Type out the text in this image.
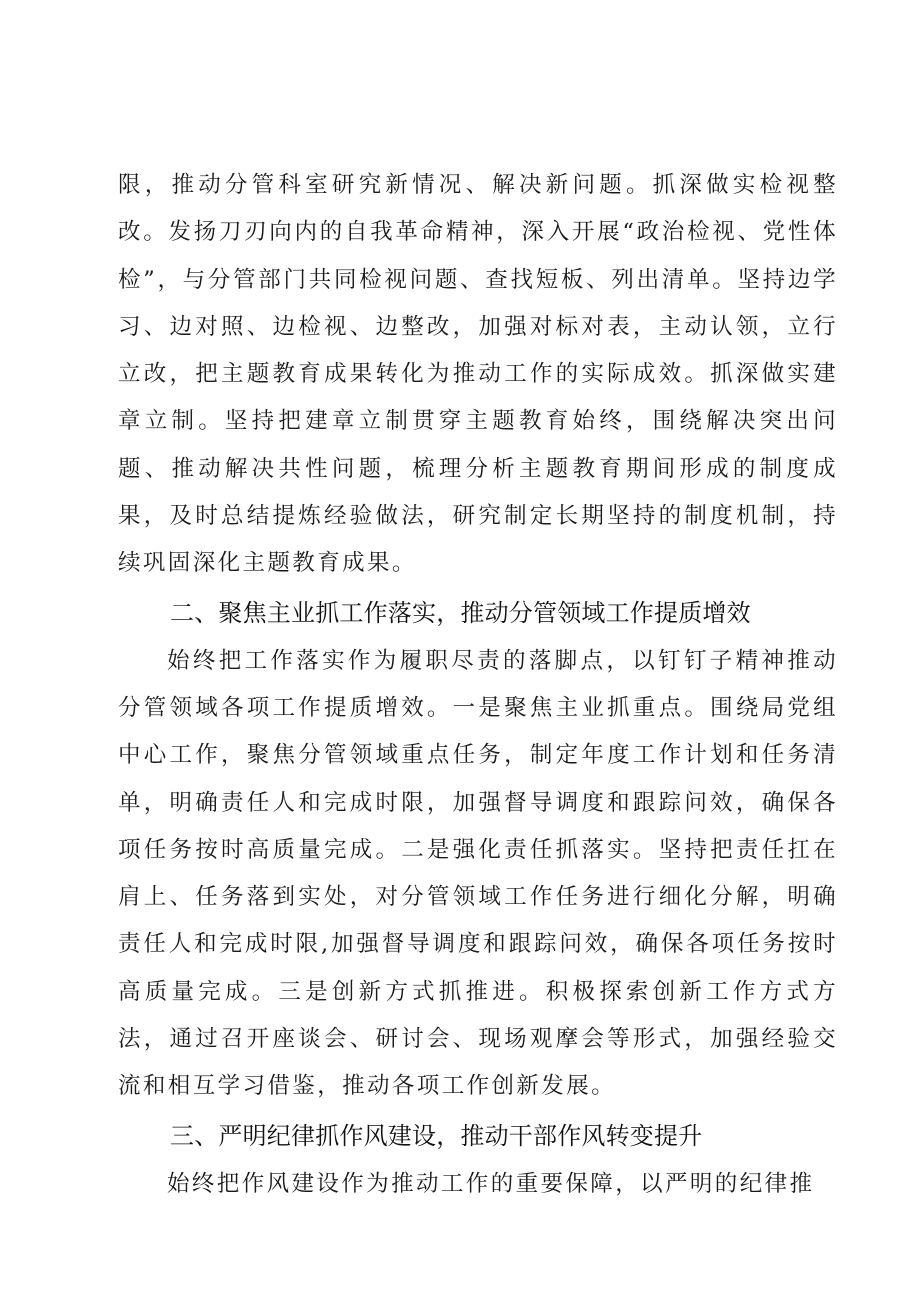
限，推动分管科室研究新情况、解决新问题。抓深做实检视整改。发扬刀刃向内的自我革命精神，深入开展“政治检视、党性体检”，与分管部门共同检视问题、查找短板、列出清单。坚持边学习、边对照、边检视、边整改，加强对标对表，主动认领，立行立改，把主题教育成果转化为推动工作的实际成效。抓深做实建章立制。坚持把建章立制贯穿主题教育始终，围绕解决突出问题、推动解决共性问题，梳理分析主题教育期间形成的制度成果，及时总结提炼经验做法，研究制定长期坚持的制度机制，持续巩固深化主题教育成果。

二、聚焦主业抓工作落实，推动分管领域工作提质增效

始终把工作落实作为履职尽责的落脚点，以钉钉子精神推动分管领域各项工作提质增效。一是聚焦主业抓重点。围绕局党组中心工作，聚焦分管领域重点任务，制定年度工作计划和任务清单，明确责任人和完成时限，加强督导调度和跟踪问效，确保各项任务按时高质量完成。二是强化责任抓落实。坚持把责任扛在肩上、任务落到实处，对分管领域工作任务进行细化分解，明确责任人和完成时限,加强督导调度和跟踪问效，确保各项任务按时高质量完成。三是创新方式抓推进。积极探索创新工作方式方法，通过召开座谈会、研讨会、现场观摩会等形式，加强经验交流和相互学习借鉴，推动各项工作创新发展。

三、严明纪律抓作风建设，推动干部作风转变提升

始终把作风建设作为推动工作的重要保障，以严明的纪律推
